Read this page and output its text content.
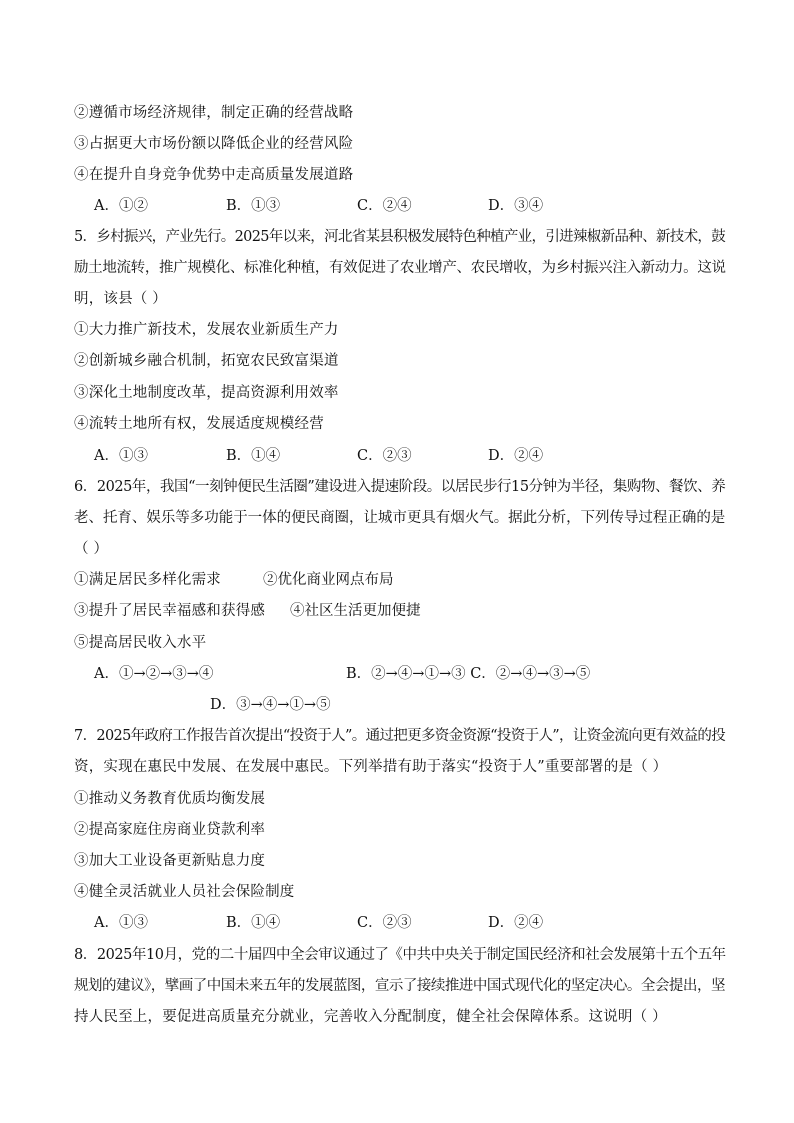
②遵循市场经济规律，制定正确的经营战略
③占据更大市场份额以降低企业的经营风险
④在提升自身竞争优势中走高质量发展道路
A．①②	B．①③	C．②④	D．③④
5．乡村振兴，产业先行。2025年以来，河北省某县积极发展特色种植产业，引进辣椒新品种、新技术，鼓
励土地流转，推广规模化、标准化种植，有效促进了农业增产、农民增收，为乡村振兴注入新动力。这说
明，该县（ ）
①大力推广新技术，发展农业新质生产力
②创新城乡融合机制，拓宽农民致富渠道
③深化土地制度改革，提高资源利用效率
④流转土地所有权，发展适度规模经营
A．①③	B．①④	C．②③	D．②④
6．2025年，我国“一刻钟便民生活圈”建设进入提速阶段。以居民步行15分钟为半径，集购物、餐饮、养
老、托育、娱乐等多功能于一体的便民商圈，让城市更具有烟火气。据此分析，下列传导过程正确的是
（ ）
①满足居民多样化需求	②优化商业网点布局
③提升了居民幸福感和获得感 ④社区生活更加便捷
⑤提高居民收入水平
A．①→②→③→④	B．②→④→①→③ C．②→④→③→⑤
D．③→④→①→⑤
7．2025年政府工作报告首次提出“投资于人”。通过把更多资金资源“投资于人”，让资金流向更有效益的投
资，实现在惠民中发展、在发展中惠民。下列举措有助于落实“投资于人”重要部署的是（ ）
①推动义务教育优质均衡发展
②提高家庭住房商业贷款利率
③加大工业设备更新贴息力度
④健全灵活就业人员社会保险制度
A．①③	B．①④	C．②③	D．②④
8．2025年10月，党的二十届四中全会审议通过了《中共中央关于制定国民经济和社会发展第十五个五年
规划的建议》，擘画了中国未来五年的发展蓝图，宣示了接续推进中国式现代化的坚定决心。全会提出，坚
持人民至上，要促进高质量充分就业，完善收入分配制度，健全社会保障体系。这说明（ ）
